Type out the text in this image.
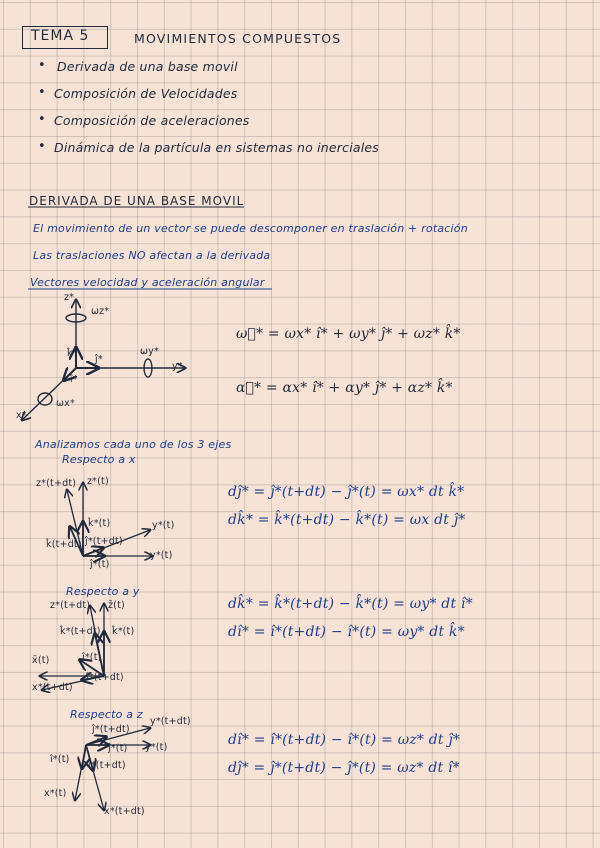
TEMA 5	MOVIMIENTOS COMPUESTOS
• Derivada de una base movil
• Composición de Velocidades
• Composición de aceleraciones
• Dinámica de la partícula en sistemas no inerciales
DERIVADA DE UNA BASE MOVIL
El movimiento de un vector se puede descomponer en traslación + rotación
Las traslaciones NO afectan a la derivada
Vectores velocidad y aceleración angular
z*
ωz*
k̂*
ĵ*
ωy*
y*
î*
ωx*
x*
ω⃗* = ωx* î* + ωy* ĵ* + ωz* k̂*
α⃗* = αx* î* + αy* ĵ* + αz* k̂*
Analizamos cada uno de los 3 ejes
Respecto a x
z*(t+dt) z*(t)
k̂*(t)
k̂(t+dt) ĵ*(t+dt)
y*(t)
y*(t)
ĵ*(t)
dĵ* = ĵ*(t+dt) − ĵ*(t) = ωx* dt k̂*
dk̂* = k̂*(t+dt) − k̂*(t) = ωx dt ĵ*
Respecto a y
z*(t+dt) z̄(t)
k̂*(t+dt) k̂*(t)
x̄(t)	î*(t)
x*(t+dt)
î*(t+dt)
dk̂* = k̂*(t+dt) − k̂*(t) = ωy* dt î*
dî* = î*(t+dt) − î*(t) = ωy* dt k̂*
Respecto a z
y*(t+dt)
ĵ*(t+dt)
ĵ*(t) y*(t)
î*(t)
î*(t+dt)
x*(t)
x*(t+dt)
dî* = î*(t+dt) − î*(t) = ωz* dt ĵ*
dĵ* = ĵ*(t+dt) − ĵ*(t) = ωz* dt î*
